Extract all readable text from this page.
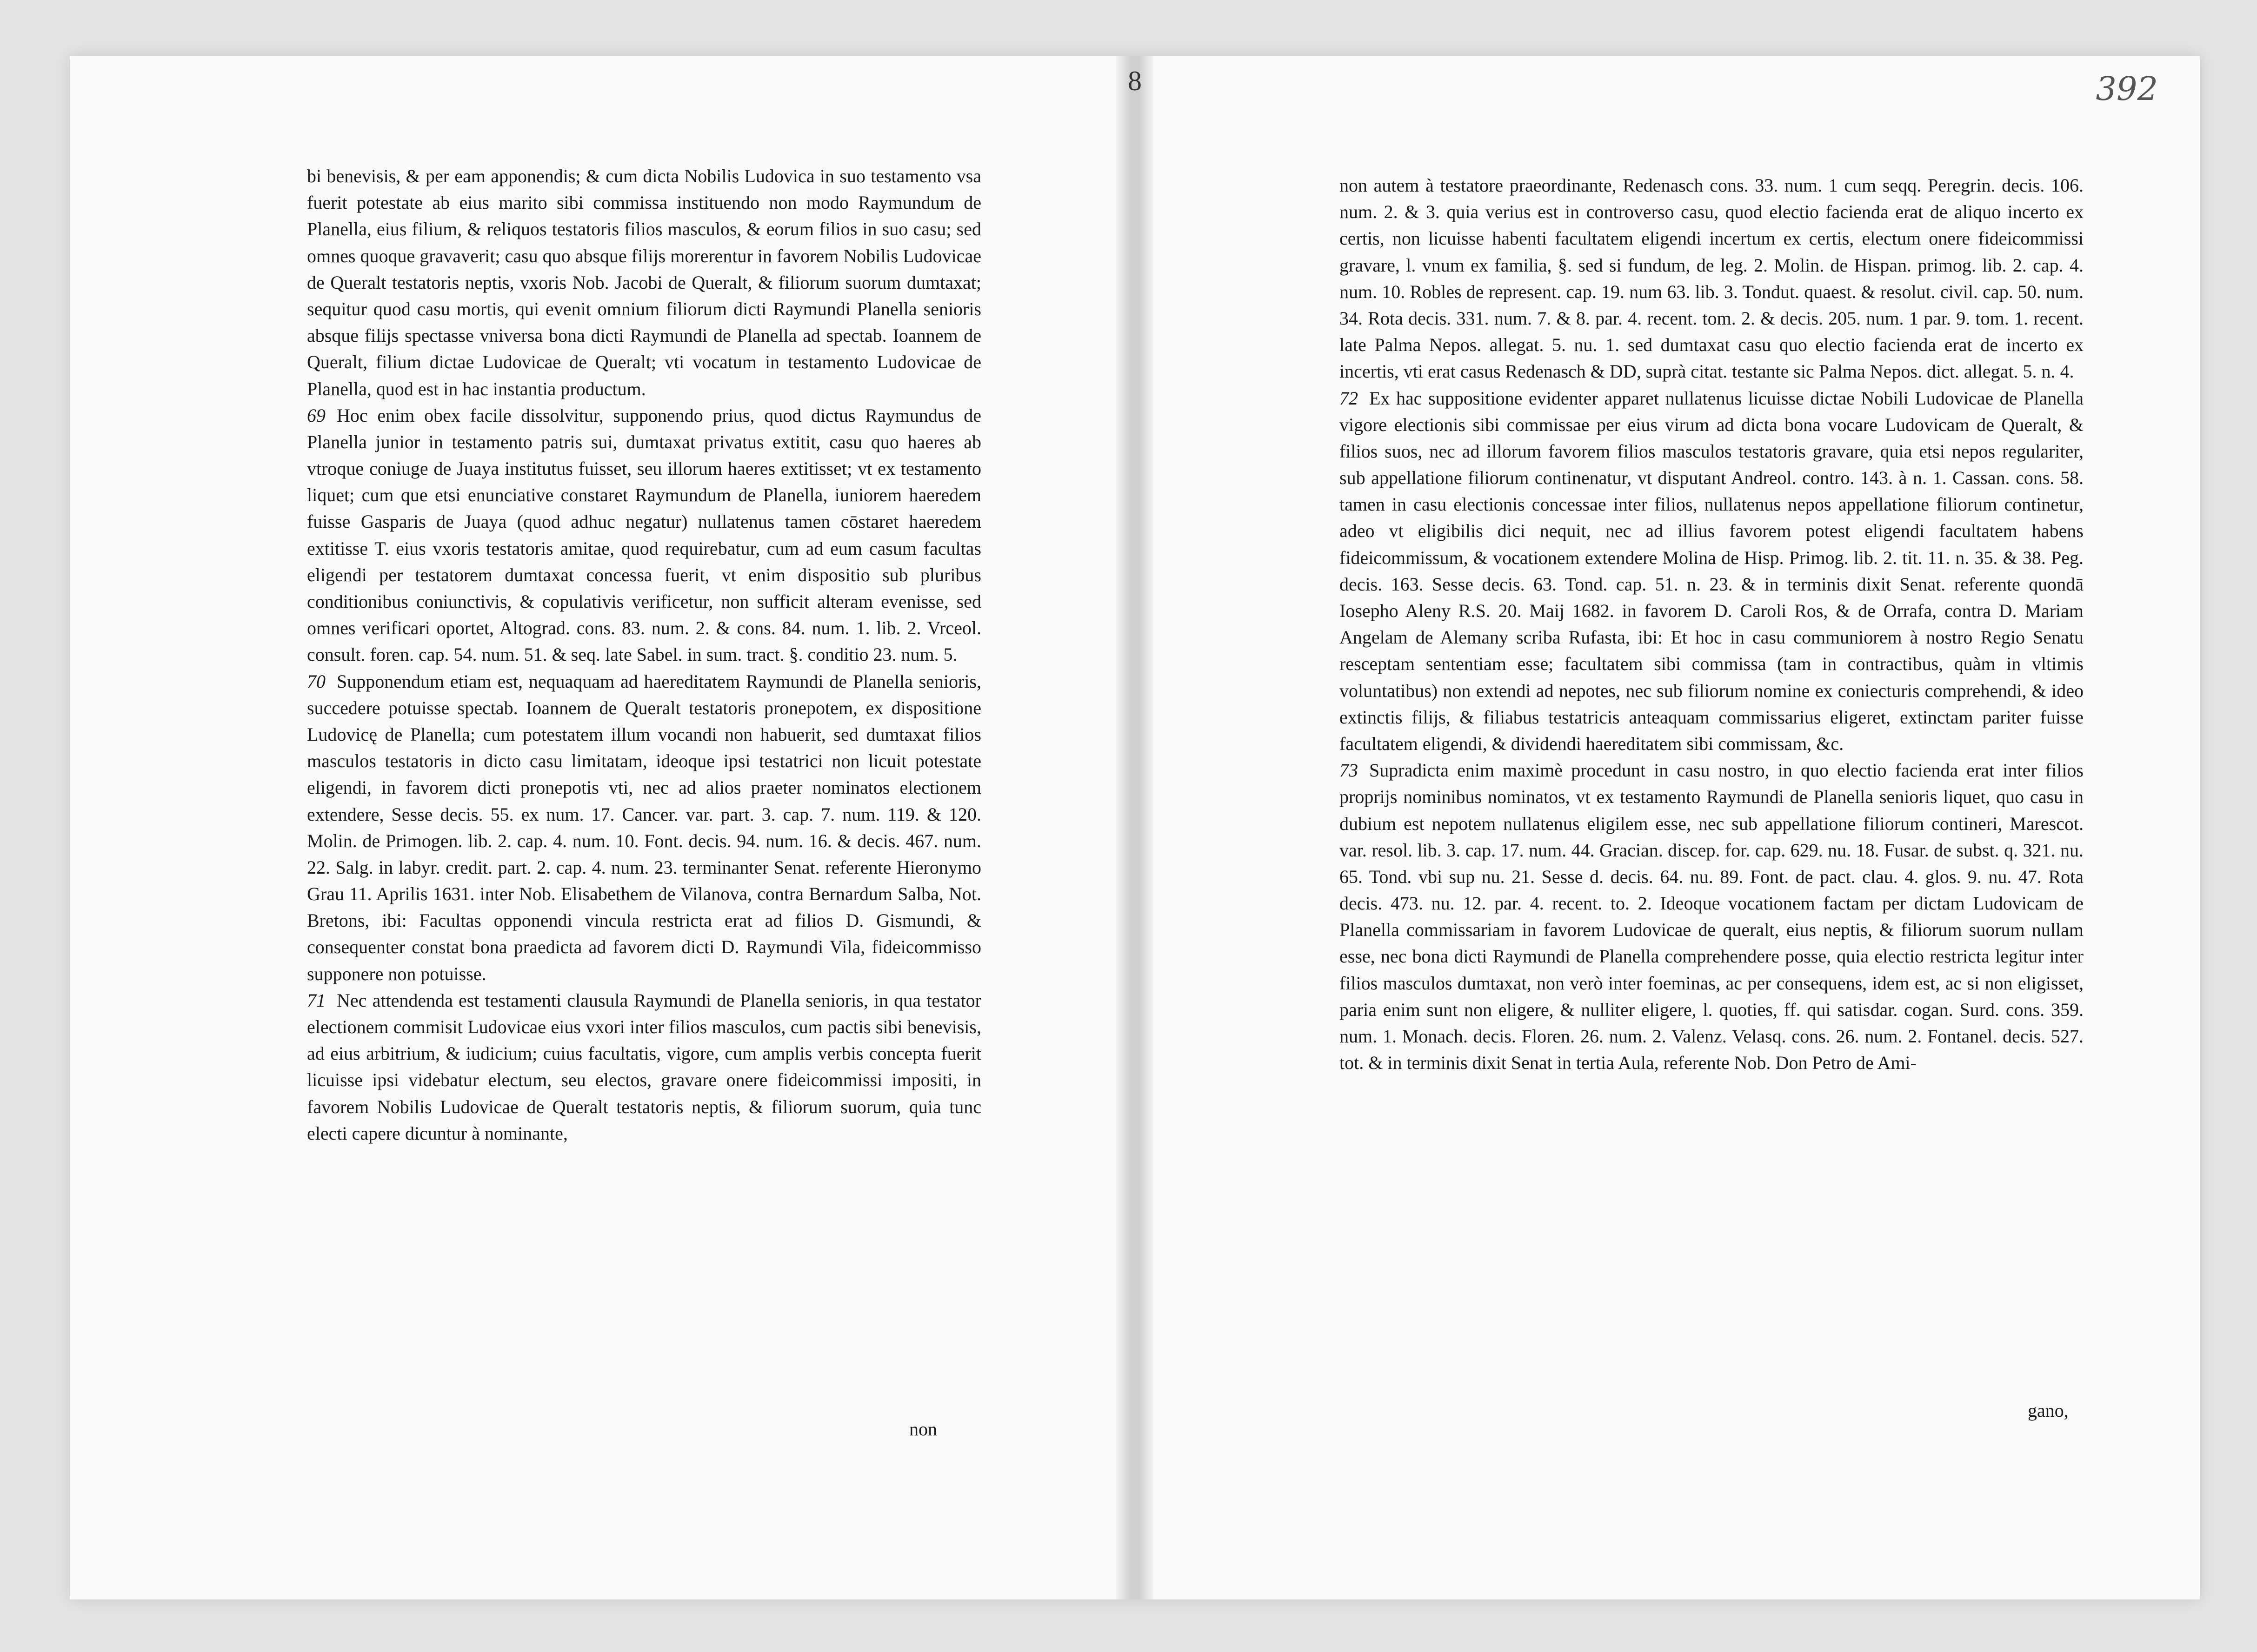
bi benevisis, & per eam apponendis; & cum dicta Nobilis Ludovica in suo testamento vsa fuerit potestate ab eius marito sibi commissa instituendo non modo Raymundum de Planella, eius filium, & reliquos testatoris filios masculos, & eorum filios in suo casu; sed omnes quoque gravaverit; casu quo absque filijs morerentur in favorem Nobilis Ludovicae de Queralt testatoris neptis, vxoris Nob. Jacobi de Queralt, & filiorum suorum dumtaxat; sequitur quod casu mortis, qui evenit omnium filiorum dicti Raymundi Planella senioris absque filijs spectasse vniversa bona dicti Raymundi de Planella ad spectab. Ioannem de Queralt, filium dictae Ludovicae de Queralt; vti vocatum in testamento Ludovicae de Planella, quod est in hac instantia productum.

69 Hoc enim obex facile dissolvitur, supponendo prius, quod dictus Raymundus de Planella junior in testamento patris sui, dumtaxat privatus extitit, casu quo haeres ab vtroque coniuge de Juaya institutus fuisset, seu illorum haeres extitisset; vt ex testamento liquet; cum que etsi enunciative constaret Raymundum de Planella, iuniorem haeredem fuisse Gasparis de Juaya (quod adhuc negatur) nullatenus tamen cōstaret haeredem extitisse T. eius vxoris testatoris amitae, quod requirebatur, cum ad eum casum facultas eligendi per testatorem dumtaxat concessa fuerit, vt enim dispositio sub pluribus conditionibus coniunctivis, & copulativis verificetur, non sufficit alteram evenisse, sed omnes verificari oportet, Altograd. cons. 83. num. 2. & cons. 84. num. 1. lib. 2. Vrceol. consult. foren. cap. 54. num. 51. & seq. late Sabel. in sum. tract. §. conditio 23. num. 5.

70 Supponendum etiam est, nequaquam ad haereditatem Raymundi de Planella senioris, succedere potuisse spectab. Ioannem de Queralt testatoris pronepotem, ex dispositione Ludovicę de Planella; cum potestatem illum vocandi non habuerit, sed dumtaxat filios masculos testatoris in dicto casu limitatam, ideoque ipsi testatrici non licuit potestate eligendi, in favorem dicti pronepotis vti, nec ad alios praeter nominatos electionem extendere, Sesse decis. 55. ex num. 17. Cancer. var. part. 3. cap. 7. num. 119. & 120. Molin. de Primogen. lib. 2. cap. 4. num. 10. Font. decis. 94. num. 16. & decis. 467. num. 22. Salg. in labyr. credit. part. 2. cap. 4. num. 23. terminanter Senat. referente Hieronymo Grau 11. Aprilis 1631. inter Nob. Elisabethem de Vilanova, contra Bernardum Salba, Not. Bretons, ibi: Facultas opponendi vincula restricta erat ad filios D. Gismundi, & consequenter constat bona praedicta ad favorem dicti D. Raymundi Vila, fideicommisso supponere non potuisse.

71 Nec attendenda est testamenti clausula Raymundi de Planella senioris, in qua testator electionem commisit Ludovicae eius vxori inter filios masculos, cum pactis sibi benevisis, ad eius arbitrium, & iudicium; cuius facultatis, vigore, cum amplis verbis concepta fuerit licuisse ipsi videbatur electum, seu electos, gravare onere fideicommissi impositi, in favorem Nobilis Ludovicae de Queralt testatoris neptis, & filiorum suorum, quia tunc electi capere dicuntur à nominante,

non
8	392

non autem à testatore praeordinante, Redenasch cons. 33. num. 1 cum seqq. Peregrin. decis. 106. num. 2. & 3. quia verius est in controverso casu, quod electio facienda erat de aliquo incerto ex certis, non licuisse habenti facultatem eligendi incertum ex certis, electum onere fideicommissi gravare, l. vnum ex familia, §. sed si fundum, de leg. 2. Molin. de Hispan. primog. lib. 2. cap. 4. num. 10. Robles de represent. cap. 19. num 63. lib. 3. Tondut. quaest. & resolut. civil. cap. 50. num. 34. Rota decis. 331. num. 7. & 8. par. 4. recent. tom. 2. & decis. 205. num. 1 par. 9. tom. 1. recent. late Palma Nepos. allegat. 5. nu. 1. sed dumtaxat casu quo electio facienda erat de incerto ex incertis, vti erat casus Redenasch & DD, suprà citat. testante sic Palma Nepos. dict. allegat. 5. n. 4.

72 Ex hac suppositione evidenter apparet nullatenus licuisse dictae Nobili Ludovicae de Planella vigore electionis sibi commissae per eius virum ad dicta bona vocare Ludovicam de Queralt, & filios suos, nec ad illorum favorem filios masculos testatoris gravare, quia etsi nepos regulariter, sub appellatione filiorum continenatur, vt disputant Andreol. contro. 143. à n. 1. Cassan. cons. 58. tamen in casu electionis concessae inter filios, nullatenus nepos appellatione filiorum continetur, adeo vt eligibilis dici nequit, nec ad illius favorem potest eligendi facultatem habens fideicommissum, & vocationem extendere Molina de Hisp. Primog. lib. 2. tit. 11. n. 35. & 38. Peg. decis. 163. Sesse decis. 63. Tond. cap. 51. n. 23. & in terminis dixit Senat. referente quondā Iosepho Aleny R.S. 20. Maij 1682. in favorem D. Caroli Ros, & de Orrafa, contra D. Mariam Angelam de Alemany scriba Rufasta, ibi: Et hoc in casu communiorem à nostro Regio Senatu resceptam sententiam esse; facultatem sibi commissa (tam in contractibus, quàm in vltimis voluntatibus) non extendi ad nepotes, nec sub filiorum nomine ex coniecturis comprehendi, & ideo extinctis filijs, & filiabus testatricis anteaquam commissarius eligeret, extinctam pariter fuisse facultatem eligendi, & dividendi haereditatem sibi commissam, &c.

73 Supradicta enim maximè procedunt in casu nostro, in quo electio facienda erat inter filios proprijs nominibus nominatos, vt ex testamento Raymundi de Planella senioris liquet, quo casu in dubium est nepotem nullatenus eligilem esse, nec sub appellatione filiorum contineri, Marescot. var. resol. lib. 3. cap. 17. num. 44. Gracian. discep. for. cap. 629. nu. 18. Fusar. de subst. q. 321. nu. 65. Tond. vbi sup nu. 21. Sesse d. decis. 64. nu. 89. Font. de pact. clau. 4. glos. 9. nu. 47. Rota decis. 473. nu. 12. par. 4. recent. to. 2. Ideoque vocationem factam per dictam Ludovicam de Planella commissariam in favorem Ludovicae de queralt, eius neptis, & filiorum suorum nullam esse, nec bona dicti Raymundi de Planella comprehendere posse, quia electio restricta legitur inter filios masculos dumtaxat, non verò inter foeminas, ac per consequens, idem est, ac si non eligisset, paria enim sunt non eligere, & nulliter eligere, l. quoties, ff. qui satisdar. cogan. Surd. cons. 359. num. 1. Monach. decis. Floren. 26. num. 2. Valenz. Velasq. cons. 26. num. 2. Fontanel. decis. 527. tot. & in terminis dixit Senat in tertia Aula, referente Nob. Don Petro de Ami-

gano,
